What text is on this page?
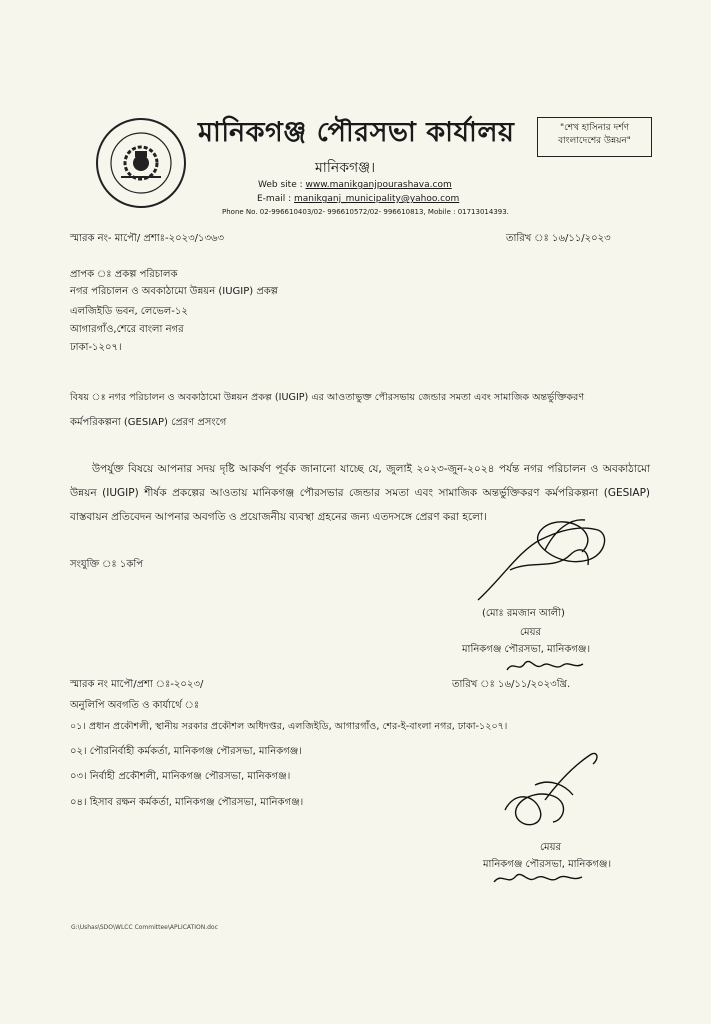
মানিকগঞ্জ পৌরসভা কার্যালয়
মানিকগঞ্জ।
Web site : www.manikganjpourashava.com
E-mail : manikganj_municipality@yahoo.com
Phone No. 02-996610403/02- 996610572/02- 996610813, Mobile : 01713014393.
"শেখ হাসিনার দর্শণ
বাংলাদেশের উন্নয়ন"
স্মারক নং- মাপৌ/ প্রশাঃ-২০২৩/১৩৬৩	তারিখ ঃ ১৬/১১/২০২৩
প্রাপক ঃ প্রকল্প পরিচালক
নগর পরিচালন ও অবকাঠামো উন্নয়ন (IUGIP) প্রকল্প
এলজিইডি ভবন, লেভেল-১২
আগারগাঁও,শেরে বাংলা নগর
ঢাকা-১২০৭।
বিষয় ঃ নগর পরিচালন ও অবকাঠামো উন্নয়ন প্রকল্প (IUGIP) এর আওতাভুক্ত পৌরসভায় জেন্ডার সমতা এবং সামাজিক অন্তর্ভুক্তিকরণ
কর্মপরিকল্পনা (GESIAP) প্রেরণ প্রসংগে
উপর্যুক্ত বিষয়ে আপনার সদয় দৃষ্টি আকর্ষণ পূর্বক জানানো যাচ্ছে যে, জুলাই ২০২৩-জুন-২০২৪ পর্যন্ত নগর পরিচালন ও অবকাঠামো উন্নয়ন (IUGIP) শীর্ষক প্রকল্পের আওতায় মানিকগঞ্জ পৌরসভার জেন্ডার সমতা এবং সামাজিক অন্তর্ভুক্তিকরণ কর্মপরিকল্পনা (GESIAP) বাস্তবায়ন প্রতিবেদন আপনার অবগতি ও প্রয়োজনীয় ব্যবস্থা গ্রহনের জন্য এতদসঙ্গে প্রেরণ করা হলো।
সংযুক্তি ঃ ১কপি
(মোঃ রমজান আলী)
মেয়র
মানিকগঞ্জ পৌরসভা, মানিকগঞ্জ।
স্মারক নং মাপৌ/প্রশা ঃ-২০২৩/	তারিখ ঃ ১৬/১১/২০২৩খ্রি.
অনুলিপি অবগতি ও কার্যার্থে ঃ
০১। প্রধান প্রকৌশলী, স্থানীয় সরকার প্রকৌশল অধিদপ্তর, এলজিইডি, আগারগাঁও, শের-ই-বাংলা নগর, ঢাকা-১২০৭।
০২। পৌরনির্বাহী কর্মকর্তা, মানিকগঞ্জ পৌরসভা, মানিকগঞ্জ।
০৩। নির্বাহী প্রকৌশলী, মানিকগঞ্জ পৌরসভা, মানিকগঞ্জ।
০৪। হিসাব রক্ষন কর্মকর্তা, মানিকগঞ্জ পৌরসভা, মানিকগঞ্জ।
মেয়র
মানিকগঞ্জ পৌরসভা, মানিকগঞ্জ।
G:\Ushas\SDO\WLCC Committee\APLICATION.doc
